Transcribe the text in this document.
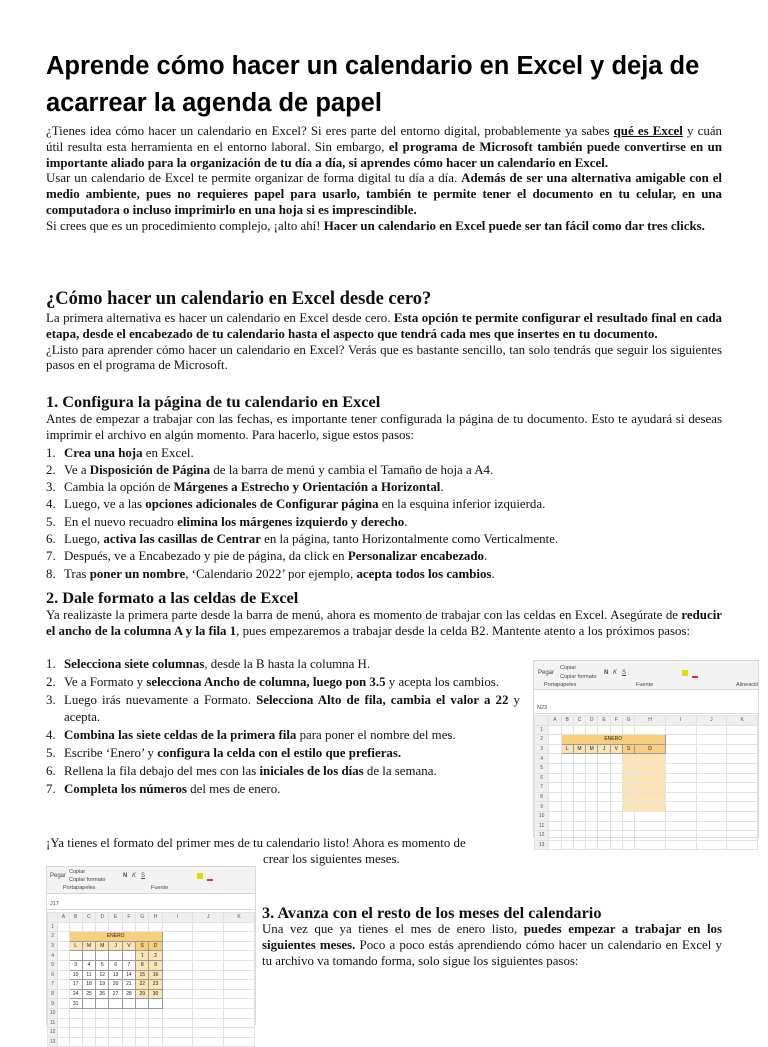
Aprende cómo hacer un calendario en Excel y deja de acarrear la agenda de papel

¿Tienes idea cómo hacer un calendario en Excel? Si eres parte del entorno digital, probablemente ya sabes qué es Excel y cuán útil resulta esta herramienta en el entorno laboral. Sin embargo, el programa de Microsoft también puede convertirse en un importante aliado para la organización de tu día a día, si aprendes cómo hacer un calendario en Excel.

Usar un calendario de Excel te permite organizar de forma digital tu día a día. Además de ser una alternativa amigable con el medio ambiente, pues no requieres papel para usarlo, también te permite tener el documento en tu celular, en una computadora o incluso imprimirlo en una hoja si es imprescindible.

Si crees que es un procedimiento complejo, ¡alto ahí! Hacer un calendario en Excel puede ser tan fácil como dar tres clicks.

¿Cómo hacer un calendario en Excel desde cero?

La primera alternativa es hacer un calendario en Excel desde cero. Esta opción te permite configurar el resultado final en cada etapa, desde el encabezado de tu calendario hasta el aspecto que tendrá cada mes que insertes en tu documento.

¿Listo para aprender cómo hacer un calendario en Excel? Verás que es bastante sencillo, tan solo tendrás que seguir los siguientes pasos en el programa de Microsoft.

1. Configura la página de tu calendario en Excel

Antes de empezar a trabajar con las fechas, es importante tener configurada la página de tu documento. Esto te ayudará si deseas imprimir el archivo en algún momento. Para hacerlo, sigue estos pasos:

1. Crea una hoja en Excel.
2. Ve a Disposición de Página de la barra de menú y cambia el Tamaño de hoja a A4.
3. Cambia la opción de Márgenes a Estrecho y Orientación a Horizontal.
4. Luego, ve a las opciones adicionales de Configurar página en la esquina inferior izquierda.
5. En el nuevo recuadro elimina los márgenes izquierdo y derecho.
6. Luego, activa las casillas de Centrar en la página, tanto Horizontalmente como Verticalmente.
7. Después, ve a Encabezado y pie de página, da click en Personalizar encabezado.
8. Tras poner un nombre, ‘Calendario 2022’ por ejemplo, acepta todos los cambios.
2. Dale formato a las celdas de Excel

Ya realizaste la primera parte desde la barra de menú, ahora es momento de trabajar con las celdas en Excel. Asegúrate de reducir el ancho de la columna A y la fila 1, pues empezaremos a trabajar desde la celda B2. Mantente atento a los próximos pasos:

1. Selecciona siete columnas, desde la B hasta la columna H.
2. Ve a Formato y selecciona Ancho de columna, luego pon 3.5 y acepta los cambios.
3. Luego irás nuevamente a Formato. Selecciona Alto de fila, cambia el valor a 22 y acepta.
4. Combina las siete celdas de la primera fila para poner el nombre del mes.
5. Escribe ‘Enero’ y configura la celda con el estilo que prefieras.
6. Rellena la fila debajo del mes con las iniciales de los días de la semana.
7. Completa los números del mes de enero.

¡Ya tienes el formato del primer mes de tu calendario listo! Ahora es momento de

crear los siguientes meses.

Pegar
Copiar
Copiar formato
N K S
Portapapeles	Fuente	Alineació
N23
	A	B	C	D	E	F	G	H	I	J	K
1											
2		ENERO									
3		L	M	M	J	V	S	D			
4											
5											
6											
7											
8											
9											
10											
11											
12											
13											
Pegar
Copiar
Copiar formato
N K S
Portapapeles	Fuente
J17
	A	B	C	D	E	F	G	H	I	J	K
1											
2		ENERO									
3		L	M	M	J	V	S	D			
4							1	2			
5		3	4	5	6	7	8	9			
6		10	11	12	13	14	15	16			
7		17	18	19	20	21	22	23			
8		24	25	26	27	28	29	30			
9		31									
10											
11											
12											
13											
3. Avanza con el resto de los meses del calendario

Una vez que ya tienes el mes de enero listo, puedes empezar a trabajar en los siguientes meses. Poco a poco estás aprendiendo cómo hacer un calendario en Excel y tu archivo va tomando forma, solo sigue los siguientes pasos:
